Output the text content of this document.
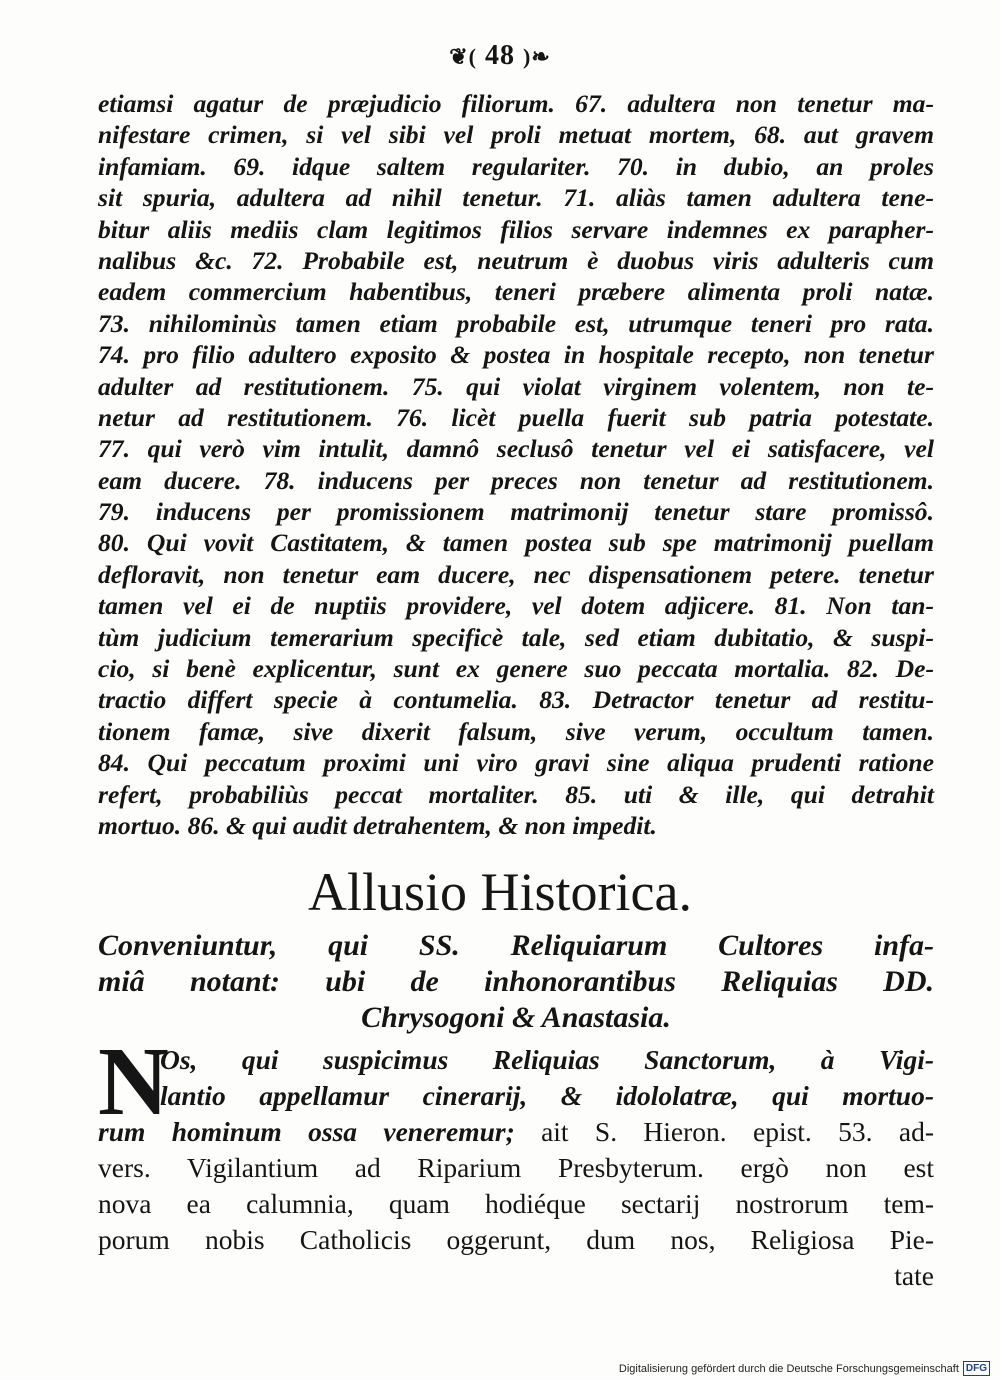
❦( 48 )❧
etiamsi agatur de præjudicio filiorum. 67. adultera non tenetur ma-
nifestare crimen, si vel sibi vel proli metuat mortem, 68. aut gravem
infamiam. 69. idque saltem regulariter. 70. in dubio, an proles
sit spuria, adultera ad nihil tenetur. 71. aliàs tamen adultera tene-
bitur aliis mediis clam legitimos filios servare indemnes ex parapher-
nalibus &c. 72. Probabile est, neutrum è duobus viris adulteris cum
eadem commercium habentibus, teneri præbere alimenta proli natæ.
73. nihilominùs tamen etiam probabile est, utrumque teneri pro rata.
74. pro filio adultero exposito & postea in hospitale recepto, non tenetur
adulter ad restitutionem. 75. qui violat virginem volentem, non te-
netur ad restitutionem. 76. licèt puella fuerit sub patria potestate.
77. qui verò vim intulit, damnô seclusô tenetur vel ei satisfacere, vel
eam ducere. 78. inducens per preces non tenetur ad restitutionem.
79. inducens per promissionem matrimonij tenetur stare promissô.
80. Qui vovit Castitatem, & tamen postea sub spe matrimonij puellam
defloravit, non tenetur eam ducere, nec dispensationem petere. tenetur
tamen vel ei de nuptiis providere, vel dotem adjicere. 81. Non tan-
tùm judicium temerarium specificè tale, sed etiam dubitatio, & suspi-
cio, si benè explicentur, sunt ex genere suo peccata mortalia. 82. De-
tractio differt specie à contumelia. 83. Detractor tenetur ad restitu-
tionem famæ, sive dixerit falsum, sive verum, occultum tamen.
84. Qui peccatum proximi uni viro gravi sine aliqua prudenti ratione
refert, probabiliùs peccat mortaliter. 85. uti & ille, qui detrahit
mortuo. 86. & qui audit detrahentem, & non impedit.
Allusio Historica.
Conveniuntur, qui SS. Reliquiarum Cultores infa-
miâ notant: ubi de inhonorantibus Reliquias DD.
Chrysogoni & Anastasia.
N
Os, qui suspicimus Reliquias Sanctorum, à Vigi-
lantio appellamur cinerarij, & idololatræ, qui mortuo-
rum hominum ossa veneremur; ait S. Hieron. epist. 53. ad-
vers. Vigilantium ad Riparium Presbyterum. ergò non est
nova ea calumnia, quam hodiéque sectarij nostrorum tem-
porum nobis Catholicis oggerunt, dum nos, Religiosa Pie-
tate
Digitalisierung gefördert durch die Deutsche Forschungsgemeinschaft DFG
